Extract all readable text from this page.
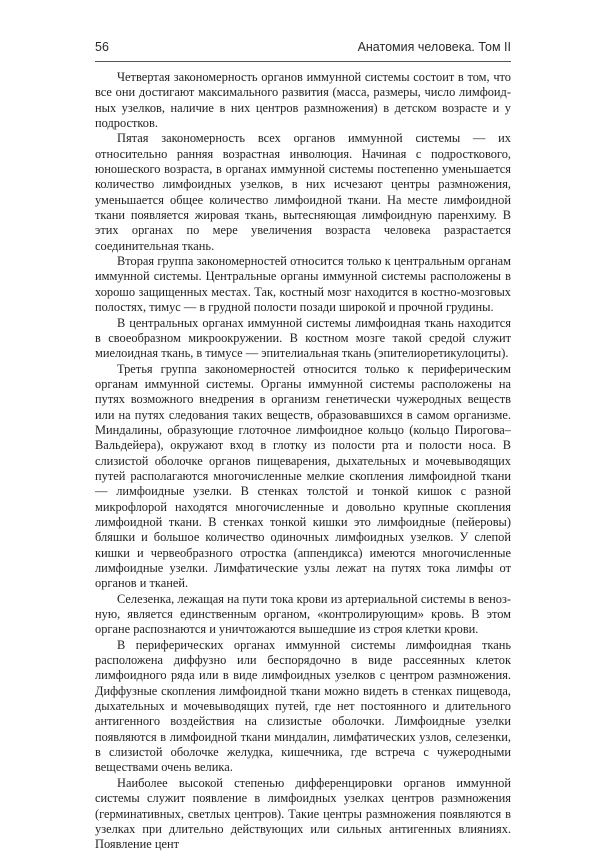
56	Анатомия человека. Том II

Четвертая закономерность органов иммунной системы состоит в том, что все они достигают максимального развития (масса, размеры, число лимфоидных узелков, наличие в них центров размножения) в детском возрасте и у подростков.

Пятая закономерность всех органов иммунной системы — их относительно ранняя возрастная инволюция. Начиная с подросткового, юношеского возраста, в органах иммунной системы постепенно уменьшается количество лимфоидных узелков, в них исчезают центры размножения, уменьшается общее количество лимфоидной ткани. На месте лимфоидной ткани появляется жировая ткань, вытесняющая лимфоидную паренхиму. В этих органах по мере увеличения возраста человека разрастается соединительная ткань.

Вторая группа закономерностей относится только к центральным органам иммунной системы. Центральные органы иммунной системы расположены в хорошо защищенных местах. Так, костный мозг находится в костно-мозговых полостях, тимус — в грудной полости позади широкой и прочной грудины.

В центральных органах иммунной системы лимфоидная ткань находится в своеобразном микроокружении. В костном мозге такой средой служит миелоидная ткань, в тимусе — эпителиальная ткань (эпителиоретикулоциты).

Третья группа закономерностей относится только к периферическим органам иммунной системы. Органы иммунной системы расположены на путях возможного внедрения в организм генетически чужеродных веществ или на путях следования таких веществ, образовавшихся в самом организме. Миндалины, образующие глоточное лимфоидное кольцо (кольцо Пирогова–Вальдейера), окружают вход в глотку из полости рта и полости носа. В слизистой оболочке органов пищеварения, дыхательных и мочевыводящих путей располагаются многочисленные мелкие скопления лимфоидной ткани — лимфоидные узелки. В стенках толстой и тонкой кишок с разной микрофлорой находятся многочисленные и довольно крупные скопления лимфоидной ткани. В стенках тонкой кишки это лимфоидные (пейеровы) бляшки и большое количество одиночных лимфоидных узелков. У слепой кишки и червеобразного отростка (аппендикса) имеются многочисленные лимфоидные узелки. Лимфатические узлы лежат на путях тока лимфы от органов и тканей.

Селезенка, лежащая на пути тока крови из артериальной системы в венозную, является единственным органом, «контролирующим» кровь. В этом органе распознаются и уничтожаются вышедшие из строя клетки крови.

В периферических органах иммунной системы лимфоидная ткань расположена диффузно или беспорядочно в виде рассеянных клеток лимфоидного ряда или в виде лимфоидных узелков с центром размножения. Диффузные скопления лимфоидной ткани можно видеть в стенках пищевода, дыхательных и мочевыводящих путей, где нет постоянного и длительного антигенного воздействия на слизистые оболочки. Лимфоидные узелки появляются в лимфоидной ткани миндалин, лимфатических узлов, селезенки, в слизистой оболочке желудка, кишечника, где встреча с чужеродными веществами очень велика.

Наиболее высокой степенью дифференцировки органов иммунной системы служит появление в лимфоидных узелках центров размножения (герминативных, светлых центров). Такие центры размножения появляются в узелках при длительно действующих или сильных антигенных влияниях. Появление цент
